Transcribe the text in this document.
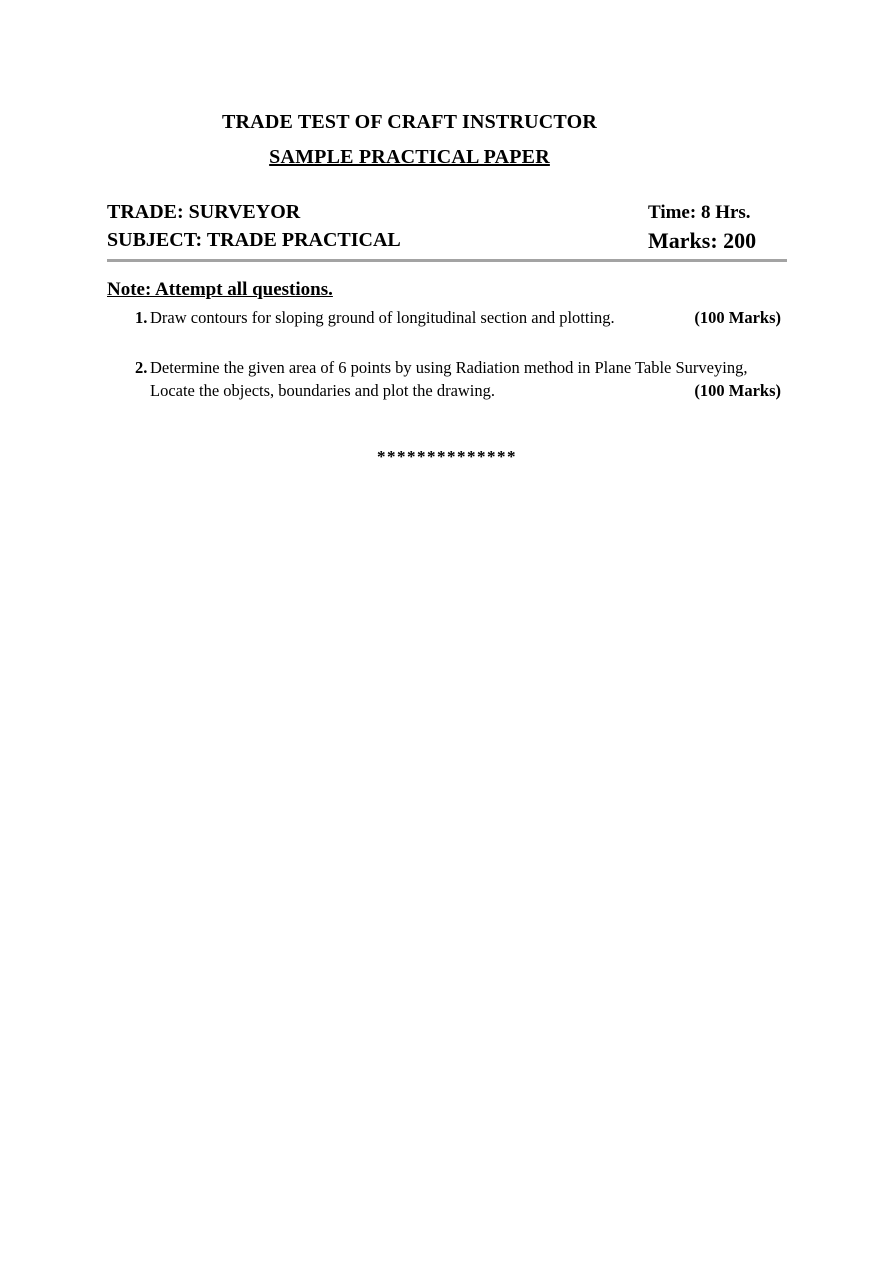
TRADE TEST OF CRAFT INSTRUCTOR
SAMPLE PRACTICAL PAPER
TRADE: SURVEYOR	Time: 8 Hrs.
SUBJECT: TRADE PRACTICAL	Marks: 200
Note: Attempt all questions.
1. Draw contours for sloping ground of longitudinal section and plotting.	(100 Marks)
2. Determine the given area of 6 points by using Radiation method in Plane Table Surveying, Locate the objects, boundaries and plot the drawing.	(100 Marks)
**************
